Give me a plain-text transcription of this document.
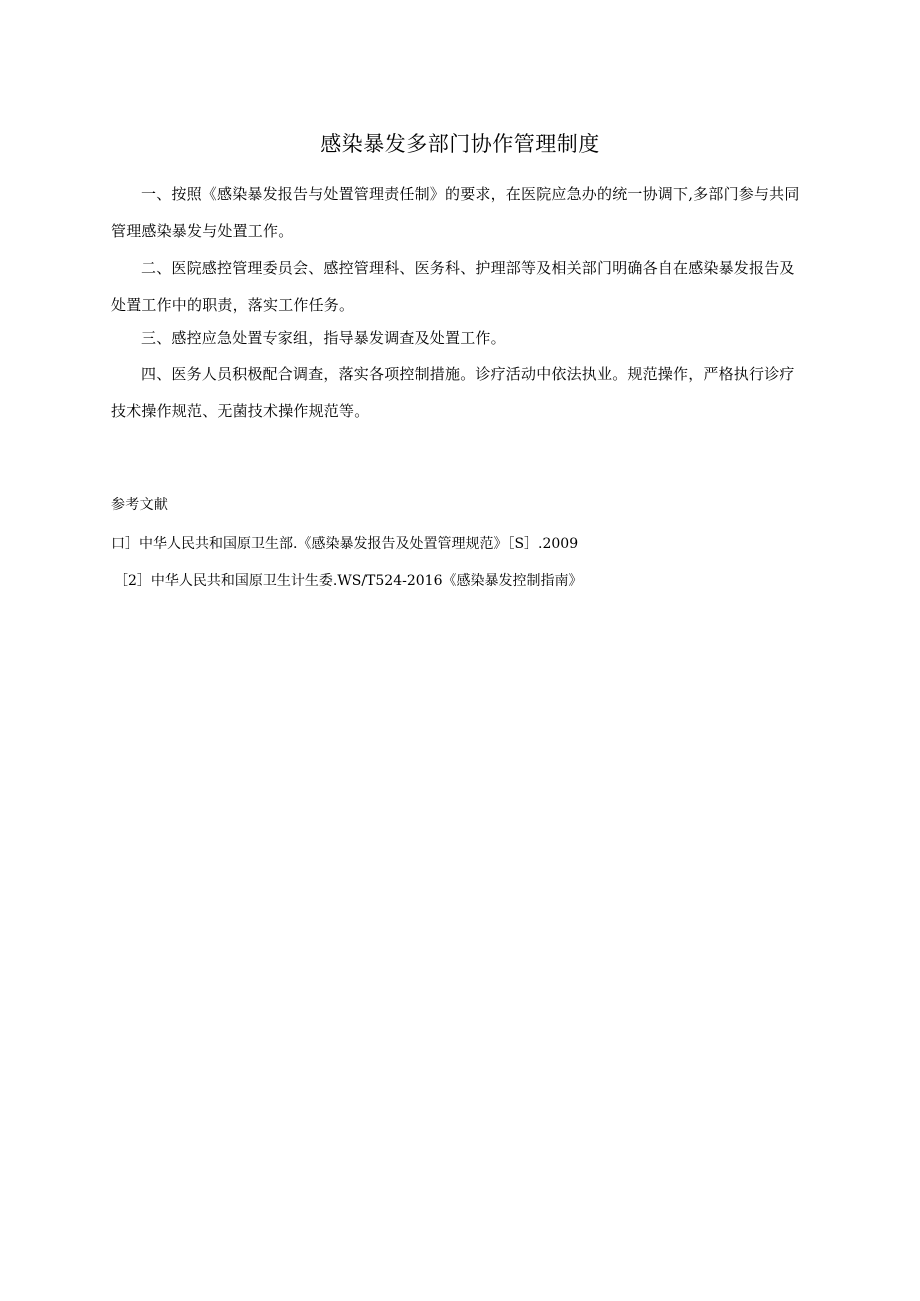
感染暴发多部门协作管理制度
一、按照《感染暴发报告与处置管理责任制》的要求，在医院应急办的统一协调下,多部门参与共同管理感染暴发与处置工作。
二、医院感控管理委员会、感控管理科、医务科、护理部等及相关部门明确各自在感染暴发报告及处置工作中的职责，落实工作任务。
三、感控应急处置专家组，指导暴发调查及处置工作。
四、医务人员积极配合调查，落实各项控制措施。诊疗活动中依法执业。规范操作，严格执行诊疗技术操作规范、无菌技术操作规范等。
参考文献
口］中华人民共和国原卫生部.《感染暴发报告及处置管理规范》［S］.2009
［2］中华人民共和国原卫生计生委.WS/T524-2016《感染暴发控制指南》
